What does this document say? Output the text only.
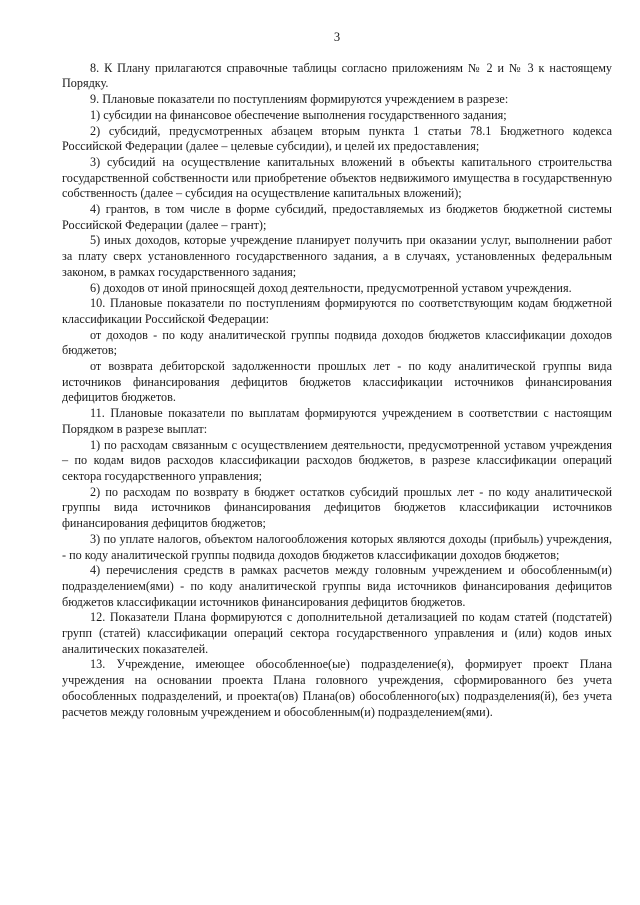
3

8. К Плану прилагаются справочные таблицы согласно приложениям № 2 и № 3 к настоящему Порядку.

9. Плановые показатели по поступлениям формируются учреждением в разрезе:

1) субсидии на финансовое обеспечение выполнения государственного задания;

2) субсидий, предусмотренных абзацем вторым пункта 1 статьи 78.1 Бюджетного кодекса Российской Федерации (далее – целевые субсидии), и целей их предоставления;

3) субсидий на осуществление капитальных вложений в объекты капитального строительства государственной собственности или приобретение объектов недвижимого имущества в государственную собственность (далее – субсидия на осуществление капитальных вложений);

4) грантов, в том числе в форме субсидий, предоставляемых из бюджетов бюджетной системы Российской Федерации (далее – грант);

5) иных доходов, которые учреждение планирует получить при оказании услуг, выполнении работ за плату сверх установленного государственного задания, а в случаях, установленных федеральным законом, в рамках государственного задания;

6) доходов от иной приносящей доход деятельности, предусмотренной уставом учреждения.

10. Плановые показатели по поступлениям формируются по соответствующим кодам бюджетной классификации Российской Федерации:

от доходов - по коду аналитической группы подвида доходов бюджетов классификации доходов бюджетов;

от возврата дебиторской задолженности прошлых лет - по коду аналитической группы вида источников финансирования дефицитов бюджетов классификации источников финансирования дефицитов бюджетов.

11. Плановые показатели по выплатам формируются учреждением в соответствии с настоящим Порядком в разрезе выплат:

1) по расходам связанным с осуществлением деятельности, предусмотренной уставом учреждения – по кодам видов расходов классификации расходов бюджетов, в разрезе классификации операций сектора государственного управления;

2) по расходам по возврату в бюджет остатков субсидий прошлых лет - по коду аналитической группы вида источников финансирования дефицитов бюджетов классификации источников финансирования дефицитов бюджетов;

3) по уплате налогов, объектом налогообложения которых являются доходы (прибыль) учреждения, - по коду аналитической группы подвида доходов бюджетов классификации доходов бюджетов;

4) перечисления средств в рамках расчетов между головным учреждением и обособленным(и) подразделением(ями) - по коду аналитической группы вида источников финансирования дефицитов бюджетов классификации источников финансирования дефицитов бюджетов.

12. Показатели Плана формируются с дополнительной детализацией по кодам статей (подстатей) групп (статей) классификации операций сектора государственного управления и (или) кодов иных аналитических показателей.

13. Учреждение, имеющее обособленное(ые) подразделение(я), формирует проект Плана учреждения на основании проекта Плана головного учреждения, сформированного без учета обособленных подразделений, и проекта(ов) Плана(ов) обособленного(ых) подразделения(й), без учета расчетов между головным учреждением и обособленным(и) подразделением(ями).
